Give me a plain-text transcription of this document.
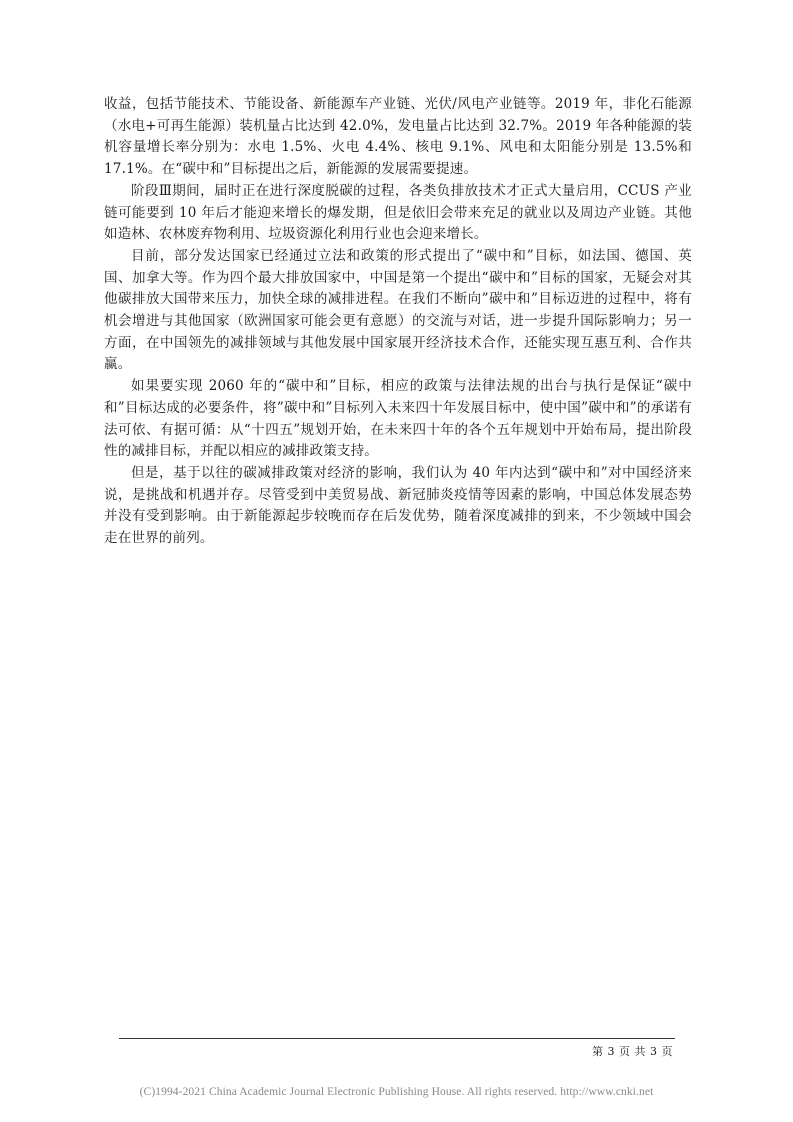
收益，包括节能技术、节能设备、新能源车产业链、光伏/风电产业链等。2019 年，非化石能源（水电+可再生能源）装机量占比达到 42.0%，发电量占比达到 32.7%。2019 年各种能源的装机容量增长率分别为：水电 1.5%、火电 4.4%、核电 9.1%、风电和太阳能分别是 13.5%和 17.1%。在“碳中和”目标提出之后，新能源的发展需要提速。

阶段Ⅲ期间，届时正在进行深度脱碳的过程，各类负排放技术才正式大量启用，CCUS 产业链可能要到 10 年后才能迎来增长的爆发期，但是依旧会带来充足的就业以及周边产业链。其他如造林、农林废弃物利用、垃圾资源化利用行业也会迎来增长。

目前，部分发达国家已经通过立法和政策的形式提出了“碳中和”目标，如法国、德国、英国、加拿大等。作为四个最大排放国家中，中国是第一个提出“碳中和”目标的国家，无疑会对其他碳排放大国带来压力，加快全球的减排进程。在我们不断向”碳中和”目标迈进的过程中，将有机会增进与其他国家（欧洲国家可能会更有意愿）的交流与对话，进一步提升国际影响力；另一方面，在中国领先的减排领域与其他发展中国家展开经济技术合作，还能实现互惠互利、合作共赢。

如果要实现 2060 年的“碳中和”目标，相应的政策与法律法规的出台与执行是保证“碳中和”目标达成的必要条件，将”碳中和”目标列入未来四十年发展目标中，使中国”碳中和”的承诺有法可依、有据可循：从“十四五”规划开始，在未来四十年的各个五年规划中开始布局，提出阶段性的减排目标，并配以相应的减排政策支持。

但是，基于以往的碳减排政策对经济的影响，我们认为 40 年内达到“碳中和”对中国经济来说，是挑战和机遇并存。尽管受到中美贸易战、新冠肺炎疫情等因素的影响，中国总体发展态势并没有受到影响。由于新能源起步较晚而存在后发优势，随着深度减排的到来，不少领域中国会走在世界的前列。

第 3 页 共 3 页
(C)1994-2021 China Academic Journal Electronic Publishing House. All rights reserved. http://www.cnki.net
